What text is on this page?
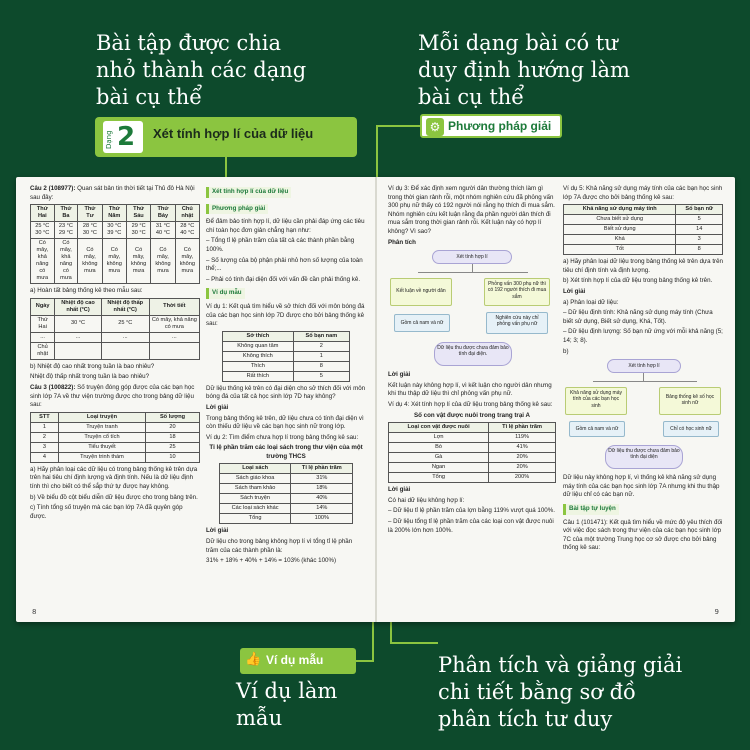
Bài tập được chia nhỏ thành các dạng bài cụ thể
Mỗi dạng bài có tư duy định hướng làm bài cụ thể
Ví dụ làm mẫu
Phân tích và giảng giải chi tiết bằng sơ đồ phân tích tư duy
Dạng 2 Xét tính hợp lí của dữ liệu	⚙ Phương pháp giải
👍 Ví dụ mẫu

Câu 2 (108977): Quan sát bản tin thời tiết tại Thủ đô Hà Nội sau đây:

Thứ Hai	Thứ Ba	Thứ Tư	Thứ Năm	Thứ Sáu	Thứ Bảy	Chủ nhật
25 °C 30 °C	23 °C 29 °C	28 °C 30 °C	30 °C 39 °C	29 °C 30 °C	31 °C 40 °C	28 °C 40 °C
Có mây, khả năng có mưa	Có mây, khả năng có mưa	Có mây, không mưa	Có mây, không mưa	Có mây, không mưa	Có mây, không mưa	Có mây, không mưa

a) Hoàn tất bảng thống kê theo mẫu sau:

Ngày	Nhiệt độ cao nhất (°C)	Nhiệt độ thấp nhất (°C)	Thời tiết
Thứ Hai	30 °C	25 °C	Có mây, khả năng có mưa
...	...	...	...
Chủ nhật			

b) Nhiệt độ cao nhất trong tuần là bao nhiêu?

Nhiệt độ thấp nhất trong tuần là bao nhiêu?

Câu 3 (100822): Số truyện đóng góp được của các bạn học sinh lớp 7A về thư viện trường được cho trong bảng dữ liệu sau:

STT	Loại truyện	Số lượng
1	Truyện tranh	20
2	Truyện cổ tích	18
3	Tiểu thuyết	25
4	Truyện trinh thám	10

a) Hãy phân loại các dữ liệu có trong bảng thống kê trên dựa trên hai tiêu chí định lượng và định tính. Nếu là dữ liệu định tính thì cho biết có thể sắp thứ tự được hay không.

b) Về biểu đồ cột biểu diễn dữ liệu được cho trong bảng trên.

c) Tính tổng số truyện mà các bạn lớp 7A đã quyên góp được.

8

Xét tính hợp lí của dữ liệu

Phương pháp giải

Để đảm bảo tính hợp lí, dữ liệu cần phải đáp ứng các tiêu chí toàn học đơn giản chẳng hạn như:

– Tổng tỉ lệ phần trăm của tất cả các thành phần bằng 100%.

– Số lượng của bộ phận phải nhỏ hơn số lượng của toàn thể;...

– Phải có tính đại diện đối với vấn đề cần phải thống kê.

Ví dụ mẫu

Ví dụ 1: Kết quả tìm hiểu về sở thích đối với môn bóng đá của các bạn học sinh lớp 7D được cho bởi bảng thống kê sau:

Sở thích	Số bạn nam
Không quan tâm	2
Không thích	1
Thích	8
Rất thích	5

Dữ liệu thống kê trên có đại diện cho sở thích đối với môn bóng đá của tất cả học sinh lớp 7D hay không?

Lời giải

Trong bảng thống kê trên, dữ liệu chưa có tính đại diện vì còn thiếu dữ liệu về các bạn học sinh nữ trong lớp.

Ví dụ 2: Tìm điểm chưa hợp lí trong bảng thống kê sau:

Tỉ lệ phần trăm các loại sách trong thư viện của một trường THCS

Loại sách	Tỉ lệ phần trăm
Sách giáo khoa	31%
Sách tham khảo	18%
Sách truyện	40%
Các loại sách khác	14%
Tổng	100%

Lời giải

Dữ liệu cho trong bảng không hợp lí vì tổng tỉ lệ phần trăm của các thành phần là:

31% + 18% + 40% + 14% = 103% (khác 100%)

Ví dụ 3: Để xác định xem người dân thường thích làm gì trong thời gian rảnh rỗi, một nhóm nghiên cứu đã phỏng vấn 300 phụ nữ thấy có 192 người nói rằng họ thích đi mua sắm. Nhóm nghiên cứu kết luận rằng đa phần người dân thích đi mua sắm trong thời gian rảnh rỗi. Kết luận này có hợp lí không? Vì sao?

Phân tích

Xét tính hợp lí
Kết luận về người dân
Phỏng vấn 300 phụ nữ thì có 192 người thích đi mua sắm
Gồm cả nam và nữ
Nghiên cứu này chỉ phỏng vấn phụ nữ
Dữ liệu thu được chưa đảm bảo tính đại diện.

Lời giải

Kết luận này không hợp lí, vì kết luận cho người dân nhưng khi thu thập dữ liệu thì chỉ phỏng vấn phụ nữ.

Ví dụ 4: Xét tính hợp lí của dữ liệu trong bảng thống kê sau:

Số con vật được nuôi trong trang trại A

Loại con vật được nuôi	Tỉ lệ phần trăm
Lợn	119%
Bò	41%
Gà	20%
Ngan	20%
Tổng	200%

Lời giải

Có hai dữ liệu không hợp lí:

– Dữ liệu tỉ lệ phần trăm của lợn bằng 119% vượt quá 100%.

– Dữ liệu tổng tỉ lệ phần trăm của các loại con vật được nuôi là 200% lớn hơn 100%.

Ví dụ 5: Khả năng sử dụng máy tính của các bạn học sinh lớp 7A được cho bởi bảng thống kê sau:

Khả năng sử dụng máy tính	Số bạn nữ
Chưa biết sử dụng	5
Biết sử dụng	14
Khá	3
Tốt	8

a) Hãy phân loại dữ liệu trong bảng thống kê trên dựa trên tiêu chí định tính và định lượng.

b) Xét tính hợp lí của dữ liệu trong bảng thống kê trên.

Lời giải

a) Phân loại dữ liệu:

– Dữ liệu định tính: Khả năng sử dụng máy tính (Chưa biết sử dụng, Biết sử dụng, Khá, Tốt).

– Dữ liệu định lượng: Số bạn nữ ứng với mỗi khả năng (5; 14; 3; 8).

b)

Xét tính hợp lí
Khả năng sử dụng máy tính của các bạn học sinh
Bảng thống kê số học sinh nữ
Gồm cả nam và nữ	Chỉ có học sinh nữ
Dữ liệu thu được chưa đảm bảo tính đại diện

Dữ liệu này không hợp lí, vì thống kê khả năng sử dụng máy tính của các bạn học sinh lớp 7A nhưng khi thu thập dữ liệu chỉ có các bạn nữ.

Bài tập tự luyện

Câu 1 (101471): Kết quả tìm hiểu về mức độ yêu thích đối với việc đọc sách trong thư viện của các bạn học sinh lớp 7C của một trường Trung học cơ sở được cho bởi bảng thống kê sau:

9
